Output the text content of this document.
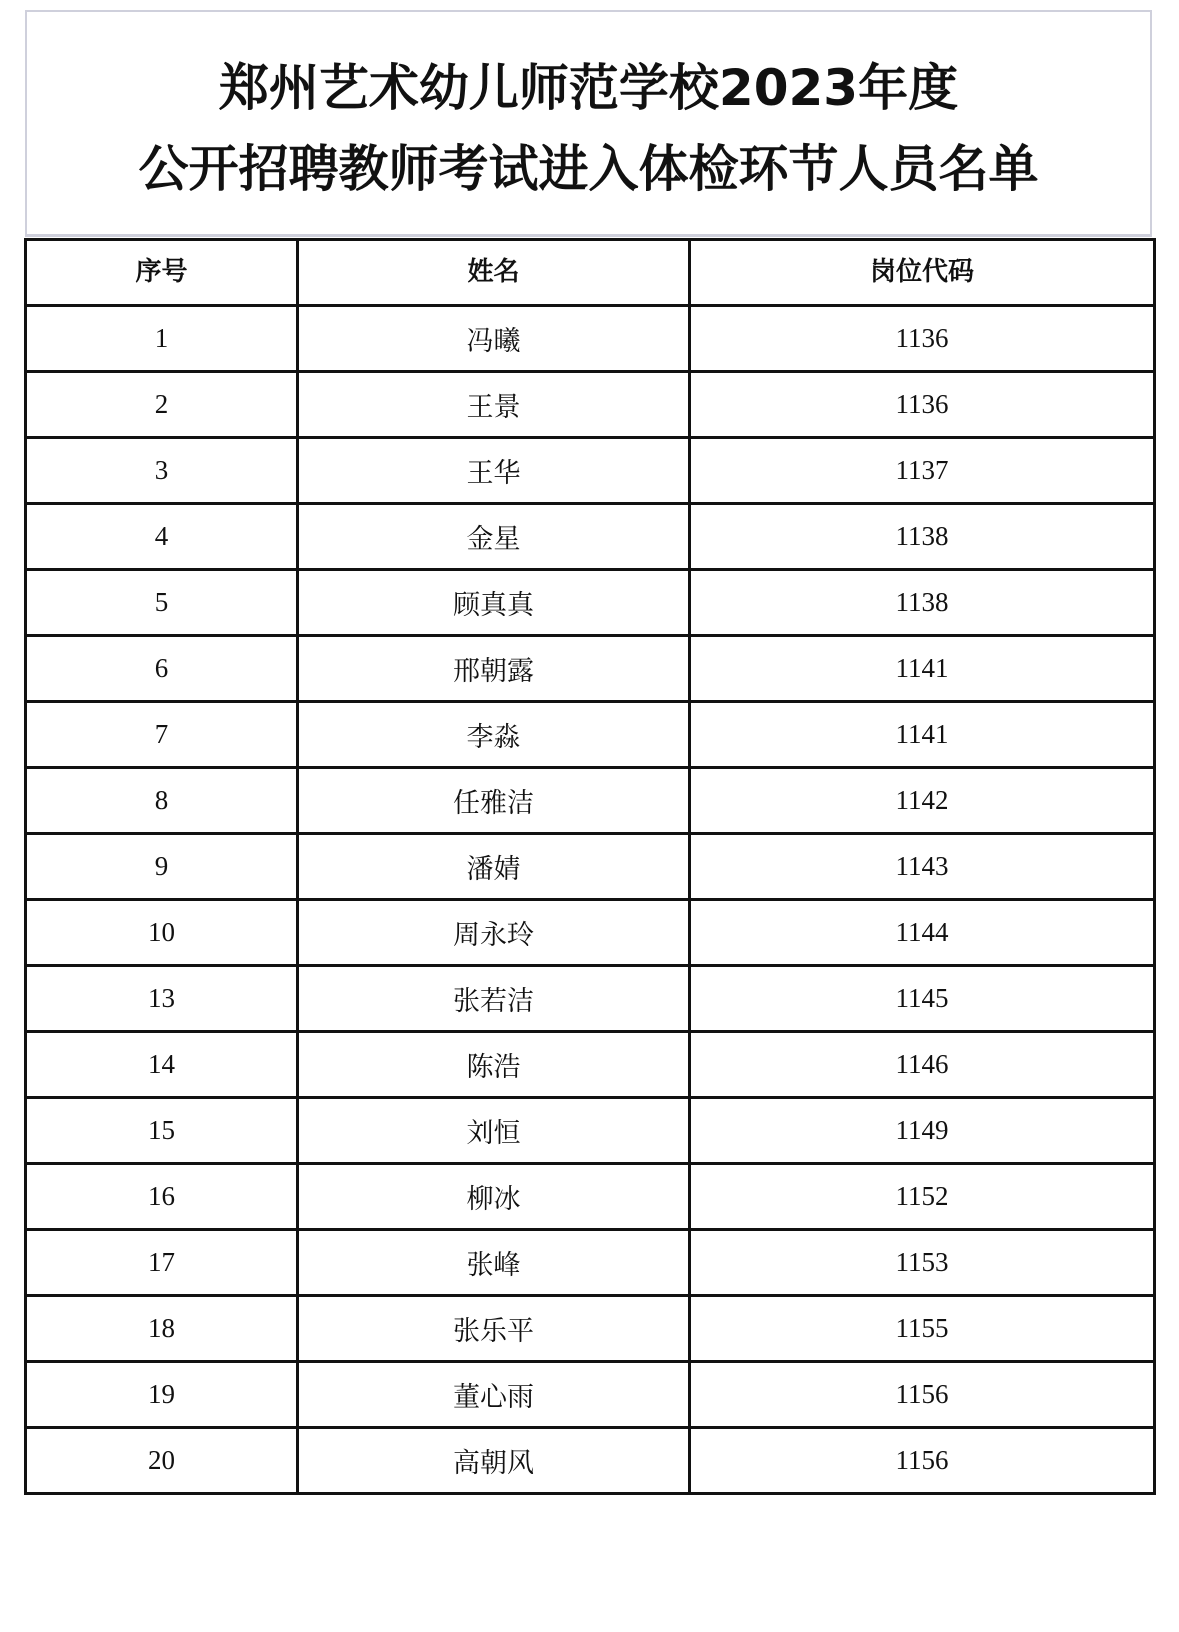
郑州艺术幼儿师范学校2023年度
公开招聘教师考试进入体检环节人员名单
序号	姓名	岗位代码
1	冯曦	1136
2	王景	1136
3	王华	1137
4	金星	1138
5	顾真真	1138
6	邢朝露	1141
7	李淼	1141
8	任雅洁	1142
9	潘婧	1143
10	周永玲	1144
13	张若洁	1145
14	陈浩	1146
15	刘恒	1149
16	柳冰	1152
17	张峰	1153
18	张乐平	1155
19	董心雨	1156
20	高朝风	1156
